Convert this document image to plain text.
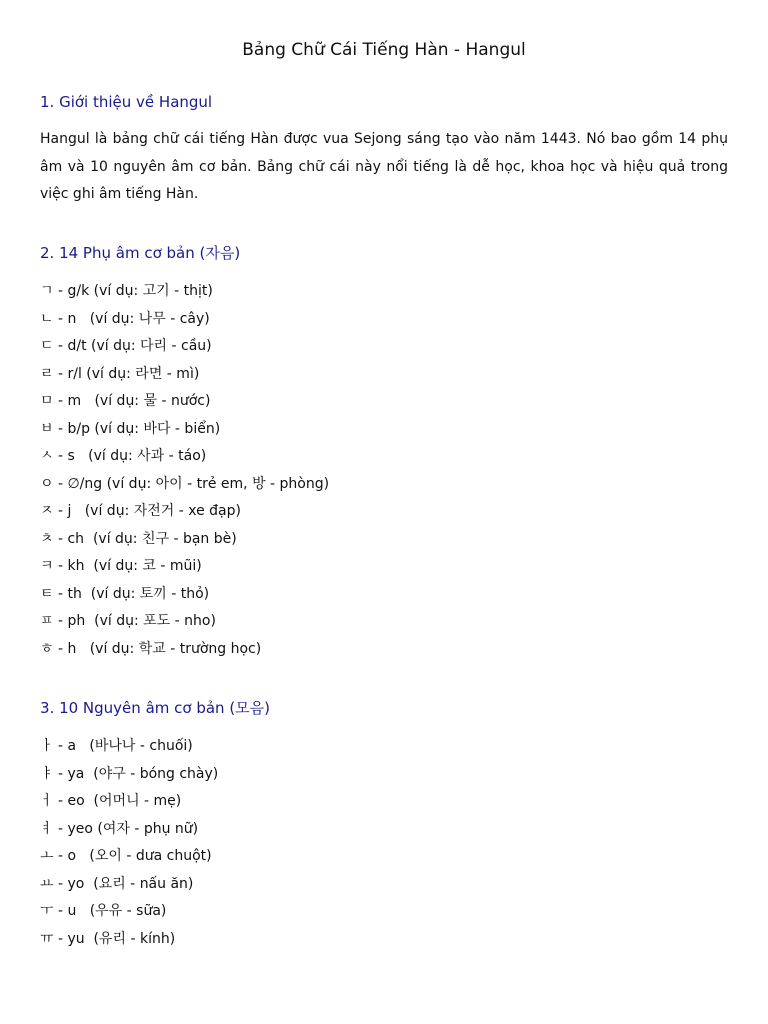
Bảng Chữ Cái Tiếng Hàn - Hangul
1. Giới thiệu về Hangul

Hangul là bảng chữ cái tiếng Hàn được vua Sejong sáng tạo vào năm 1443. Nó bao gồm 14 phụ âm và 10 nguyên âm cơ bản. Bảng chữ cái này nổi tiếng là dễ học, khoa học và hiệu quả trong việc ghi âm tiếng Hàn.

2. 14 Phụ âm cơ bản (자음)
ㄱ - g/k (ví dụ: 고기 - thịt)
ㄴ - n   (ví dụ: 나무 - cây)
ㄷ - d/t (ví dụ: 다리 - cầu)
ㄹ - r/l (ví dụ: 라면 - mì)
ㅁ - m   (ví dụ: 물 - nước)
ㅂ - b/p (ví dụ: 바다 - biển)
ㅅ - s   (ví dụ: 사과 - táo)
ㅇ - ∅/ng (ví dụ: 아이 - trẻ em, 방 - phòng)
ㅈ - j   (ví dụ: 자전거 - xe đạp)
ㅊ - ch  (ví dụ: 친구 - bạn bè)
ㅋ - kh  (ví dụ: 코 - mũi)
ㅌ - th  (ví dụ: 토끼 - thỏ)
ㅍ - ph  (ví dụ: 포도 - nho)
ㅎ - h   (ví dụ: 학교 - trường học)
3. 10 Nguyên âm cơ bản (모음)
ㅏ - a   (바나나 - chuối)
ㅑ - ya  (야구 - bóng chày)
ㅓ - eo  (어머니 - mẹ)
ㅕ - yeo (여자 - phụ nữ)
ㅗ - o   (오이 - dưa chuột)
ㅛ - yo  (요리 - nấu ăn)
ㅜ - u   (우유 - sữa)
ㅠ - yu  (유리 - kính)
